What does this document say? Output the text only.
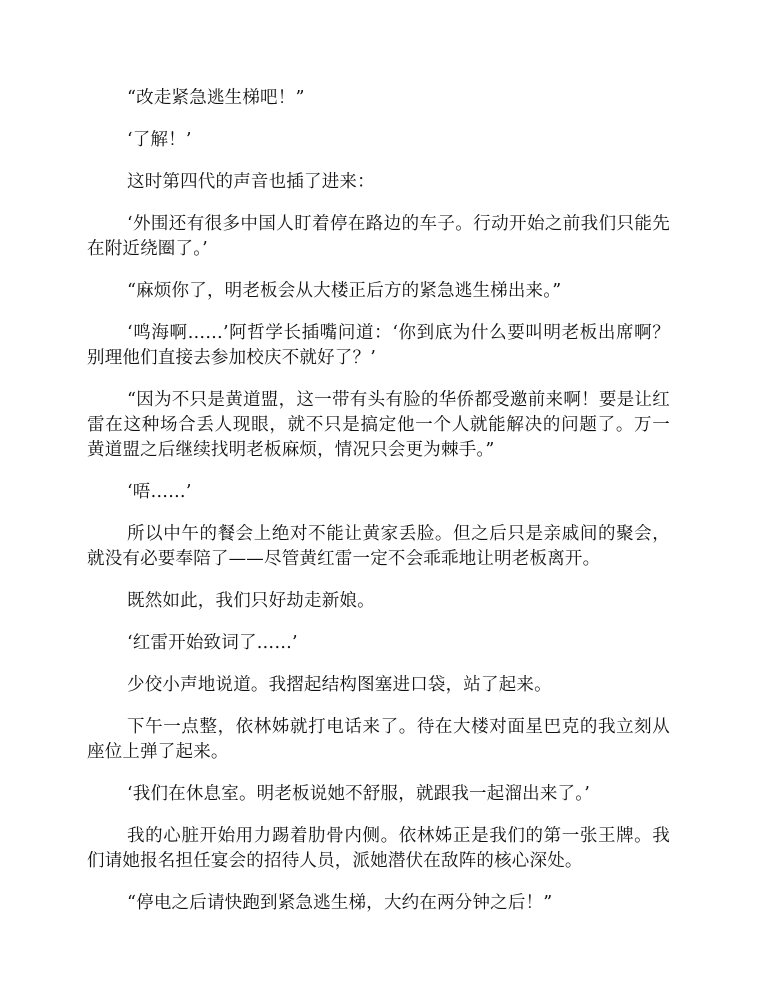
“改走紧急逃生梯吧！”

‘了解！’

这时第四代的声音也插了进来：

‘外围还有很多中国人盯着停在路边的车子。行动开始之前我们只能先在附近绕圈了。’

“麻烦你了，明老板会从大楼正后方的紧急逃生梯出来。”

‘鸣海啊……’阿哲学长插嘴问道：‘你到底为什么要叫明老板出席啊？别理他们直接去参加校庆不就好了？’

“因为不只是黄道盟，这一带有头有脸的华侨都受邀前来啊！要是让红雷在这种场合丢人现眼，就不只是搞定他一个人就能解决的问题了。万一黄道盟之后继续找明老板麻烦，情况只会更为棘手。”

‘唔……’

所以中午的餐会上绝对不能让黄家丢脸。但之后只是亲戚间的聚会，就没有必要奉陪了——尽管黄红雷一定不会乖乖地让明老板离开。

既然如此，我们只好劫走新娘。

‘红雷开始致词了……’

少佼小声地说道。我摺起结构图塞进口袋，站了起来。

下午一点整，依林姊就打电话来了。待在大楼对面星巴克的我立刻从座位上弹了起来。

‘我们在休息室。明老板说她不舒服，就跟我一起溜出来了。’

我的心脏开始用力踢着肋骨内侧。依林姊正是我们的第一张王牌。我们请她报名担任宴会的招待人员，派她潜伏在敌阵的核心深处。

“停电之后请快跑到紧急逃生梯，大约在两分钟之后！”
